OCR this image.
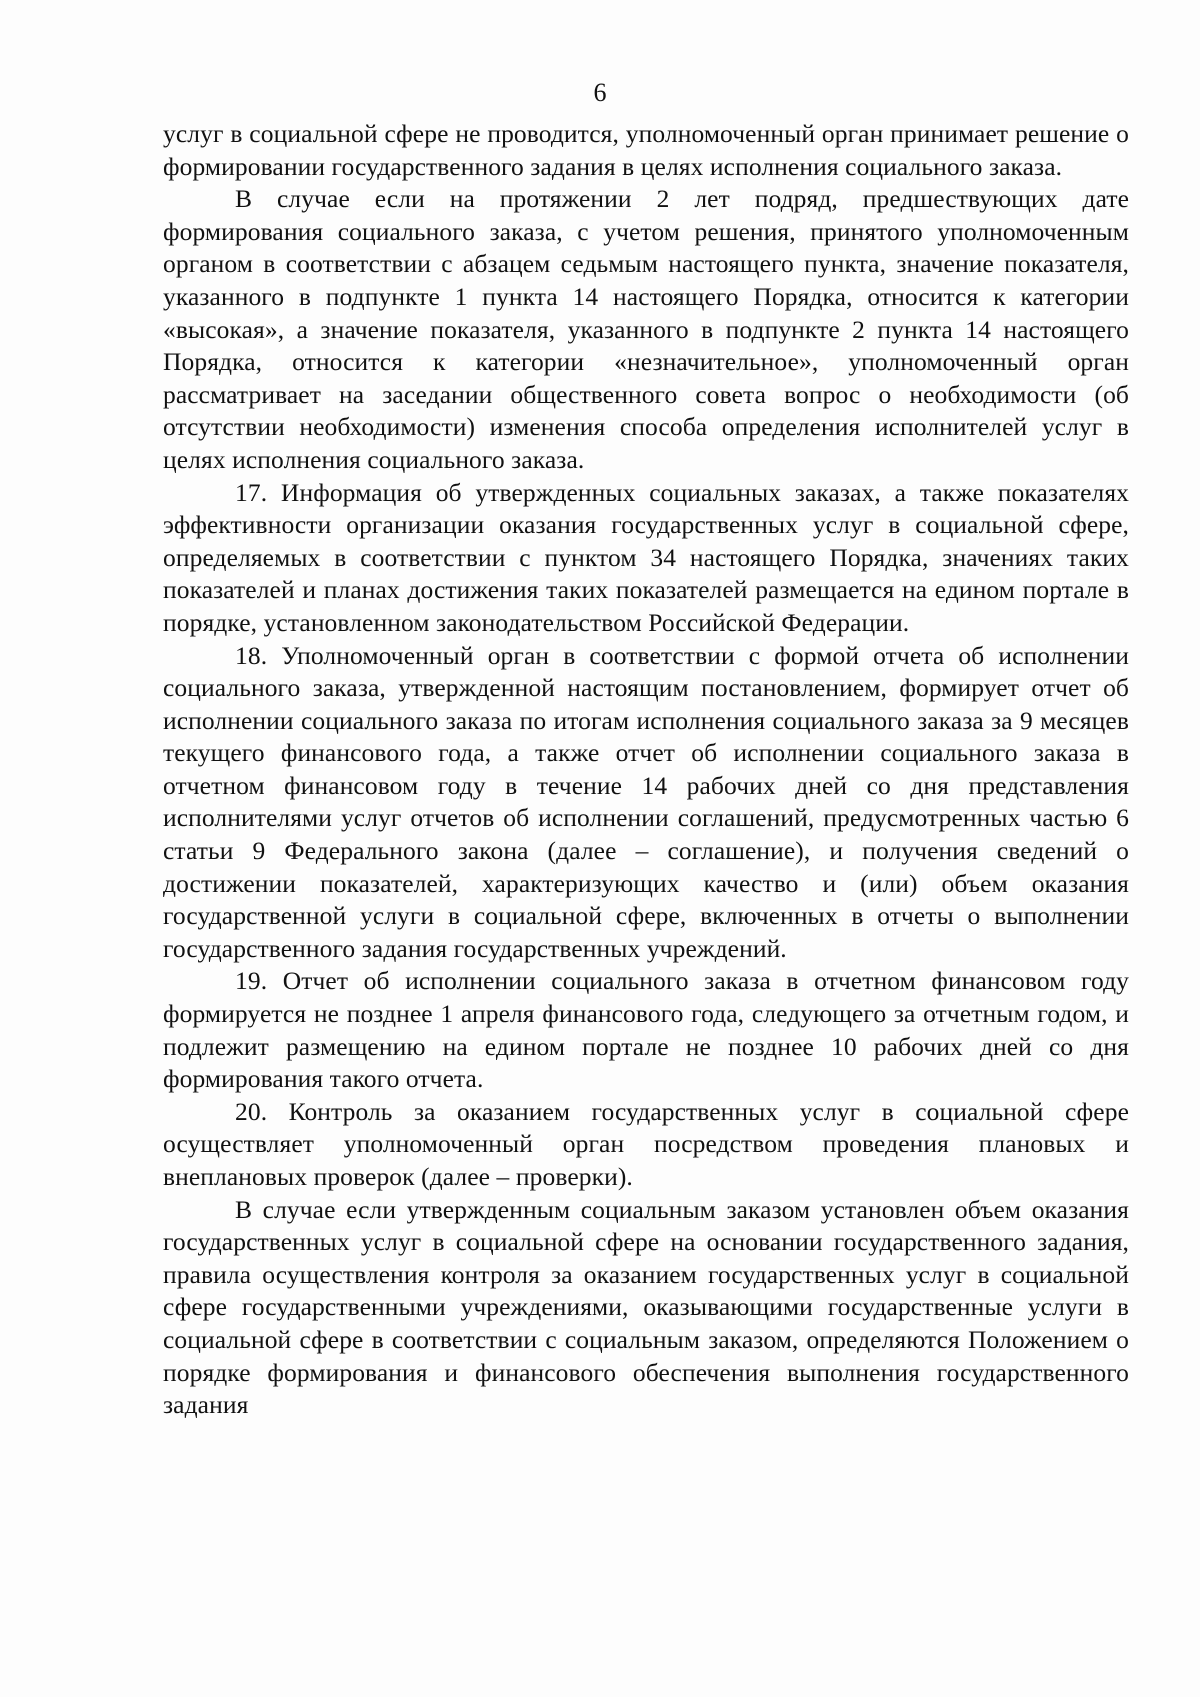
6

услуг в социальной сфере не проводится, уполномоченный орган принимает решение о формировании государственного задания в целях исполнения социального заказа.

В случае если на протяжении 2 лет подряд, предшествующих дате формирования социального заказа, с учетом решения, принятого уполномоченным органом в соответствии с абзацем седьмым настоящего пункта, значение показателя, указанного в подпункте 1 пункта 14 настоящего Порядка, относится к категории «высокая», а значение показателя, указанного в подпункте 2 пункта 14 настоящего Порядка, относится к категории «незначительное», уполномоченный орган рассматривает на заседании общественного совета вопрос о необходимости (об отсутствии необходимости) изменения способа определения исполнителей услуг в целях исполнения социального заказа.

17. Информация об утвержденных социальных заказах, а также показателях эффективности организации оказания государственных услуг в социальной сфере, определяемых в соответствии с пунктом 34 настоящего Порядка, значениях таких показателей и планах достижения таких показателей размещается на едином портале в порядке, установленном законодательством Российской Федерации.

18. Уполномоченный орган в соответствии с формой отчета об исполнении социального заказа, утвержденной настоящим постановлением, формирует отчет об исполнении социального заказа по итогам исполнения социального заказа за 9 месяцев текущего финансового года, а также отчет об исполнении социального заказа в отчетном финансовом году в течение 14 рабочих дней со дня представления исполнителями услуг отчетов об исполнении соглашений, предусмотренных частью 6 статьи 9 Федерального закона (далее – соглашение), и получения сведений о достижении показателей, характеризующих качество и (или) объем оказания государственной услуги в социальной сфере, включенных в отчеты о выполнении государственного задания государственных учреждений.

19. Отчет об исполнении социального заказа в отчетном финансовом году формируется не позднее 1 апреля финансового года, следующего за отчетным годом, и подлежит размещению на едином портале не позднее 10 рабочих дней со дня формирования такого отчета.

20. Контроль за оказанием государственных услуг в социальной сфере осуществляет уполномоченный орган посредством проведения плановых и внеплановых проверок (далее – проверки).

В случае если утвержденным социальным заказом установлен объем оказания государственных услуг в социальной сфере на основании государственного задания, правила осуществления контроля за оказанием государственных услуг в социальной сфере государственными учреждениями, оказывающими государственные услуги в социальной сфере в соответствии с социальным заказом, определяются Положением о порядке формирования и финансового обеспечения выполнения государственного задания
